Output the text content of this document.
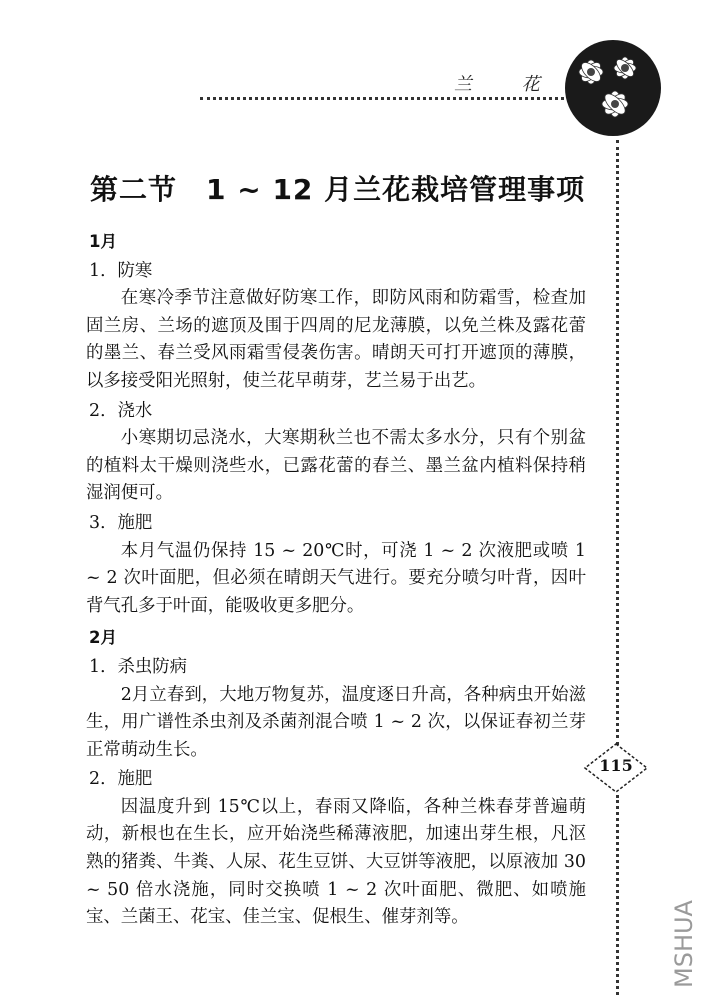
兰 花
115
第二节　1 ~ 12 月兰花栽培管理事项
1月
1．防寒

在寒冷季节注意做好防寒工作，即防风雨和防霜雪，检查加固兰房、兰场的遮顶及围于四周的尼龙薄膜，以免兰株及露花蕾的墨兰、春兰受风雨霜雪侵袭伤害。晴朗天可打开遮顶的薄膜，以多接受阳光照射，使兰花早萌芽，艺兰易于出艺。

2．浇水

小寒期切忌浇水，大寒期秋兰也不需太多水分，只有个别盆的植料太干燥则浇些水，已露花蕾的春兰、墨兰盆内植料保持稍湿润便可。

3．施肥

本月气温仍保持 15 ~ 20℃时，可浇 1 ~ 2 次液肥或喷 1 ~ 2 次叶面肥，但必须在晴朗天气进行。要充分喷匀叶背，因叶背气孔多于叶面，能吸收更多肥分。

2月
1．杀虫防病

2月立春到，大地万物复苏，温度逐日升高，各种病虫开始滋生，用广谱性杀虫剂及杀菌剂混合喷 1 ~ 2 次，以保证春初兰芽正常萌动生长。

2．施肥

因温度升到 15℃以上，春雨又降临，各种兰株春芽普遍萌动，新根也在生长，应开始浇些稀薄液肥，加速出芽生根，凡沤熟的猪粪、牛粪、人尿、花生豆饼、大豆饼等液肥，以原液加 30 ~ 50 倍水浇施，同时交换喷 1 ~ 2 次叶面肥、微肥、如喷施宝、兰菌王、花宝、佳兰宝、促根生、催芽剂等。	MSHUA
